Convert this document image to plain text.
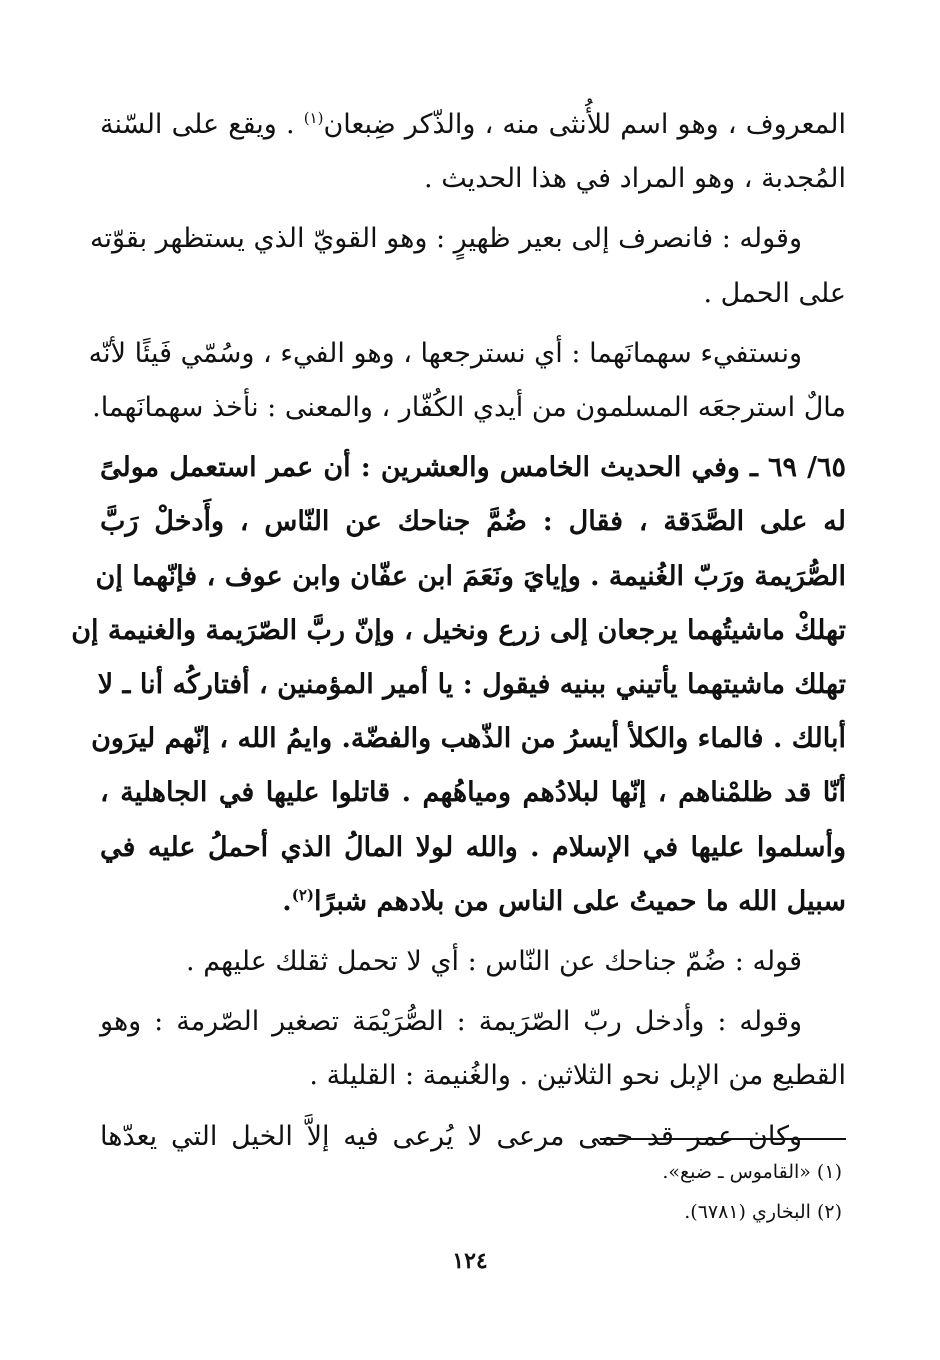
المعروف ، وهو اسم للأُنثى منه ، والذّكر ضِبعان$^{(١)}$ . ويقع على السّنة
المُجدبة ، وهو المراد في هذا الحديث .
وقوله : فانصرف إلى بعير ظهيرٍ : وهو القويّ الذي يستظهر بقوّته
على الحمل .
ونستفيء سهمانَهما : أي نسترجعها ، وهو الفيء ، وسُمّي فَيئًا لأنّه
مالٌ استرجعَه المسلمون من أيدي الكُفّار ، والمعنى : نأخذ سهمانَهما.
٦٥/ ٦٩ ـ وفي الحديث الخامس والعشرين : أن عمر استعمل مولىً
له على الصَّدَقة ، فقال : ضُمَّ جناحك عن النّاس ، وأَدخلْ رَبَّ
الصُّرَيمة ورَبّ الغُنيمة . وإيايَ ونَعَمَ ابن عفّان وابن عوف ، فإنّهما إن
تهلكْ ماشيتُهما يرجعان إلى زرع ونخيل ، وإنّ ربَّ الصّرَيمة والغنيمة إن
تهلك ماشيتهما يأتيني ببنيه فيقول : يا أمير المؤمنين ، أفتاركُه أنا ـ لا
أبالك . فالماء والكلأ أيسرُ من الذّهب والفضّة. وايمُ الله ، إنّهم ليرَون
أنّا قد ظلمْناهم ، إنّها لبلادُهم ومياهُهم . قاتلوا عليها في الجاهلية ،
وأسلموا عليها في الإسلام . والله لولا المالُ الذي أحملُ عليه في
سبيل الله ما حميتُ على الناس من بلادهم شبرًا$^{(٢)}$.
قوله : ضُمّ جناحك عن النّاس : أي لا تحمل ثقلك عليهم .
وقوله : وأدخل ربّ الصّرَيمة : الصُّرَيْمَة تصغير الصّرمة : وهو
القطيع من الإبل نحو الثلاثين . والغُنيمة : القليلة .
وكان عمر قد حمى مرعى لا يُرعى فيه إلاَّ الخيل التي يعدّها
(١) «القاموس ـ ضبع».
(٢) البخاري (٦٧٨١).
١٢٤
